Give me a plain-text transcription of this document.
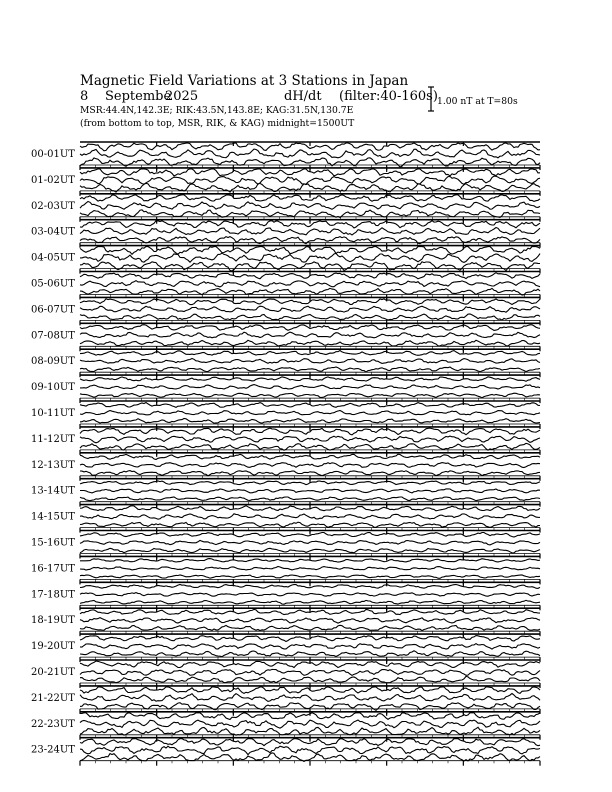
Magnetic Field Variations at 3 Stations in Japan
8 Septembe
2025	dH/dt (filter:40-160s)
MSR:44.4N,142.3E; RIK:43.5N,143.8E; KAG:31.5N,130.7E
(from bottom to top, MSR, RIK, & KAG) midnight=1500UT
1.00 nT at T=80s
00-01UT
01-02UT
02-03UT
03-04UT
04-05UT
05-06UT
06-07UT
07-08UT
08-09UT
09-10UT
10-11UT
11-12UT
12-13UT
13-14UT
14-15UT
15-16UT
16-17UT
17-18UT
18-19UT
19-20UT
20-21UT
21-22UT
22-23UT
23-24UT
